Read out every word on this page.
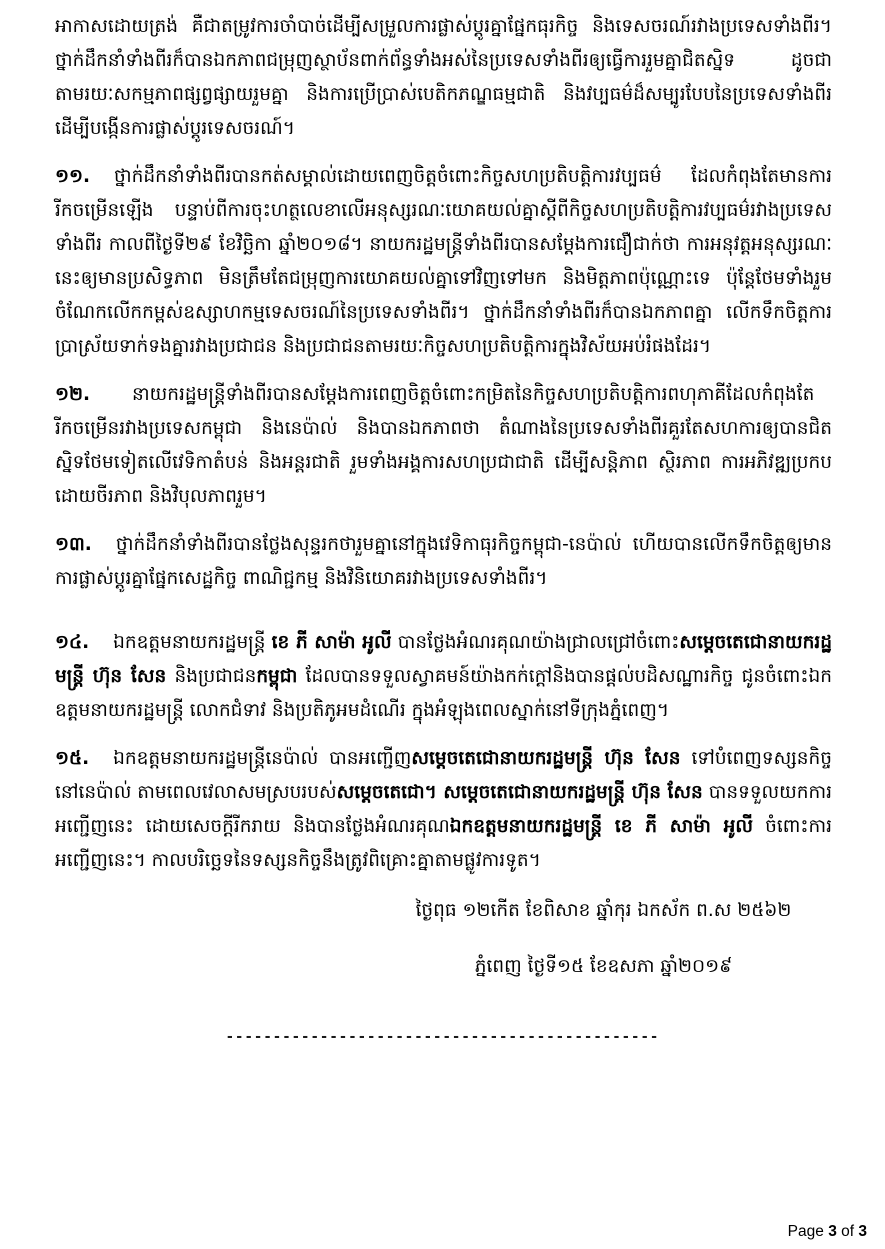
អាកាសដោយត្រង់ គឺជាតម្រូវការចាំបាច់ដើម្បីសម្រួលការផ្លាស់ប្តូរគ្នាផ្នែកធុរកិច្ច និងទេសចរណ៍រវាងប្រទេសទាំងពីរ។ ថ្នាក់ដឹកនាំទាំងពីរក៏បានឯកភាពជម្រុញស្ថាប័នពាក់ព័ន្ធទាំងអស់នៃប្រទេសទាំងពីរឲ្យធ្វើការរួមគ្នាជិតស្និទ ដូចជាតាមរយៈសកម្មភាពផ្សព្វផ្សាយរួមគ្នា និងការប្រើប្រាស់បេតិកភណ្ឌធម្មជាតិ និងវប្បធម៌ដ៏សម្បូរបែបនៃប្រទេសទាំងពីរ ដើម្បីបង្កើនការផ្លាស់ប្តូរទេសចរណ៍។

១១. ថ្នាក់ដឹកនាំទាំងពីរបានកត់សម្គាល់ដោយពេញចិត្តចំពោះកិច្ចសហប្រតិបត្តិការវប្បធម៌ ដែលកំពុងតែមានការរីកចម្រើនឡើង បន្ទាប់ពីការចុះហត្ថលេខាលើអនុស្សរណៈយោគយល់គ្នាស្តីពីកិច្ចសហប្រតិបត្តិការវប្បធម៌រវាងប្រទេសទាំងពីរ កាលពីថ្ងៃទី២៩ ខែវិច្ឆិកា ឆ្នាំ២០១៨។ នាយករដ្ឋមន្ត្រីទាំងពីរបានសម្តែងការជឿជាក់ថា ការអនុវត្តអនុស្សរណៈនេះឲ្យមានប្រសិទ្ធភាព មិនត្រឹមតែជម្រុញការយោគយល់គ្នាទៅវិញទៅមក និងមិត្តភាពប៉ុណ្ណោះទេ ប៉ុន្តែថែមទាំងរួមចំណែកលើកកម្ពស់ឧស្សាហកម្មទេសចរណ៍នៃប្រទេសទាំងពីរ។ ថ្នាក់ដឹកនាំទាំងពីរក៏បានឯកភាពគ្នា លើកទឹកចិត្តការប្រាស្រ័យទាក់ទងគ្នារវាងប្រជាជន និងប្រជាជនតាមរយៈកិច្ចសហប្រតិបត្តិការក្នុងវិស័យអប់រំផងដែរ។

១២. នាយករដ្ឋមន្ត្រីទាំងពីរបានសម្តែងការពេញចិត្តចំពោះកម្រិតនៃកិច្ចសហប្រតិបត្តិការពហុភាគីដែលកំពុងតែរីកចម្រើនរវាងប្រទេសកម្ពុជា និងនេប៉ាល់ និងបានឯកភាពថា តំណាងនៃប្រទេសទាំងពីរគួរតែសហការឲ្យបានជិតស្និទថែមទៀតលើវេទិកាតំបន់ និងអន្តរជាតិ រួមទាំងអង្គការសហប្រជាជាតិ ដើម្បីសន្តិភាព ស្ថិរភាព ការអភិវឌ្ឍប្រកបដោយចីរភាព និងវិបុលភាពរួម។

១៣. ថ្នាក់ដឹកនាំទាំងពីរបានថ្លែងសុន្ទរកថារួមគ្នានៅក្នុងវេទិកាធុរកិច្ចកម្ពុជា-នេប៉ាល់ ហើយបានលើកទឹកចិត្តឲ្យមានការផ្លាស់ប្តូរគ្នាផ្នែកសេដ្ឋកិច្ច ពាណិជ្ជកម្ម និងវិនិយោគរវាងប្រទេសទាំងពីរ។

១៤. ឯកឧត្តមនាយករដ្ឋមន្ត្រី ខេ ភី សាម៉ា អូលី បានថ្លែងអំណរគុណយ៉ាងជ្រាលជ្រៅចំពោះសម្តេចតេជោនាយករដ្ឋមន្ត្រី ហ៊ុន សែន និងប្រជាជនកម្ពុជា ដែលបានទទួលស្វាគមន៍យ៉ាងកក់ក្តៅនិងបានផ្តល់បដិសណ្ឋារកិច្ច ជូនចំពោះឯកឧត្តមនាយករដ្ឋមន្ត្រី លោកជំទាវ និងប្រតិភូអមដំណើរ ក្នុងអំឡុងពេលស្នាក់នៅទីក្រុងភ្នំពេញ។

១៥. ឯកឧត្តមនាយករដ្ឋមន្ត្រីនេប៉ាល់ បានអញ្ជើញសម្តេចតេជោនាយករដ្ឋមន្ត្រី ហ៊ុន សែន ទៅបំពេញទស្សនកិច្ចនៅនេប៉ាល់ តាមពេលវេលាសមស្របរបស់សម្តេចតេជោ។ សម្តេចតេជោនាយករដ្ឋមន្ត្រី ហ៊ុន សែន បានទទួលយកការអញ្ជើញនេះ ដោយសេចក្តីរីករាយ និងបានថ្លែងអំណរគុណឯកឧត្តមនាយករដ្ឋមន្ត្រី ខេ ភី សាម៉ា អូលី ចំពោះការអញ្ជើញនេះ។ កាលបរិច្ឆេទនៃទស្សនកិច្ចនឹងត្រូវពិគ្រោះគ្នាតាមផ្លូវការទូត។

ថ្ងៃពុធ ១២កើត ខែពិសាខ ឆ្នាំកុរ ឯកស័ក ព.ស ២៥៦២
ភ្នំពេញ ថ្ងៃទី១៥ ខែឧសភា ឆ្នាំ២០១៩
----------------------------------------------
Page 3 of 3
